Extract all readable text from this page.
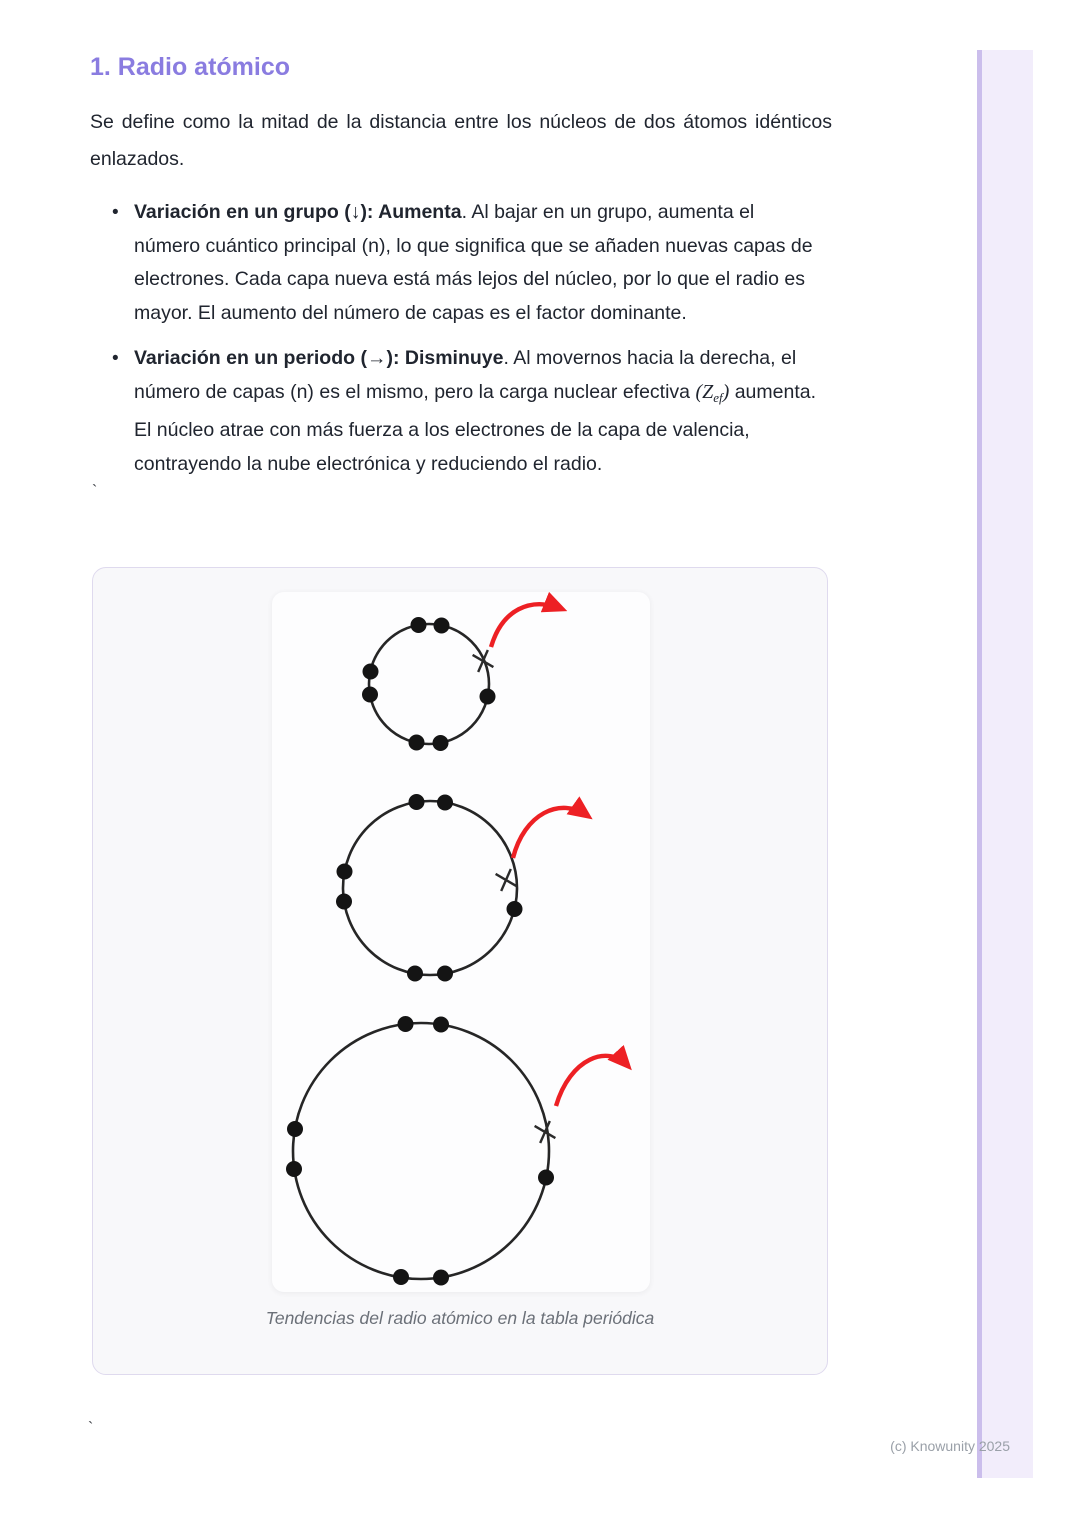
1. Radio atómico

Se define como la mitad de la distancia entre los núcleos de dos átomos idénticos enlazados.

• Variación en un grupo (↓): Aumenta. Al bajar en un grupo, aumenta el número cuántico principal (n), lo que significa que se añaden nuevas capas de electrones. Cada capa nueva está más lejos del núcleo, por lo que el radio es mayor. El aumento del número de capas es el factor dominante.
• Variación en un periodo (→): Disminuye. Al movernos hacia la derecha, el número de capas (n) es el mismo, pero la carga nuclear efectiva $(Z_{ef})$ aumenta. El núcleo atrae con más fuerza a los electrones de la capa de valencia, contrayendo la nube electrónica y reduciendo el radio.
`
Tendencias del radio atómico en la tabla periódica
`
(c) Knowunity 2025
